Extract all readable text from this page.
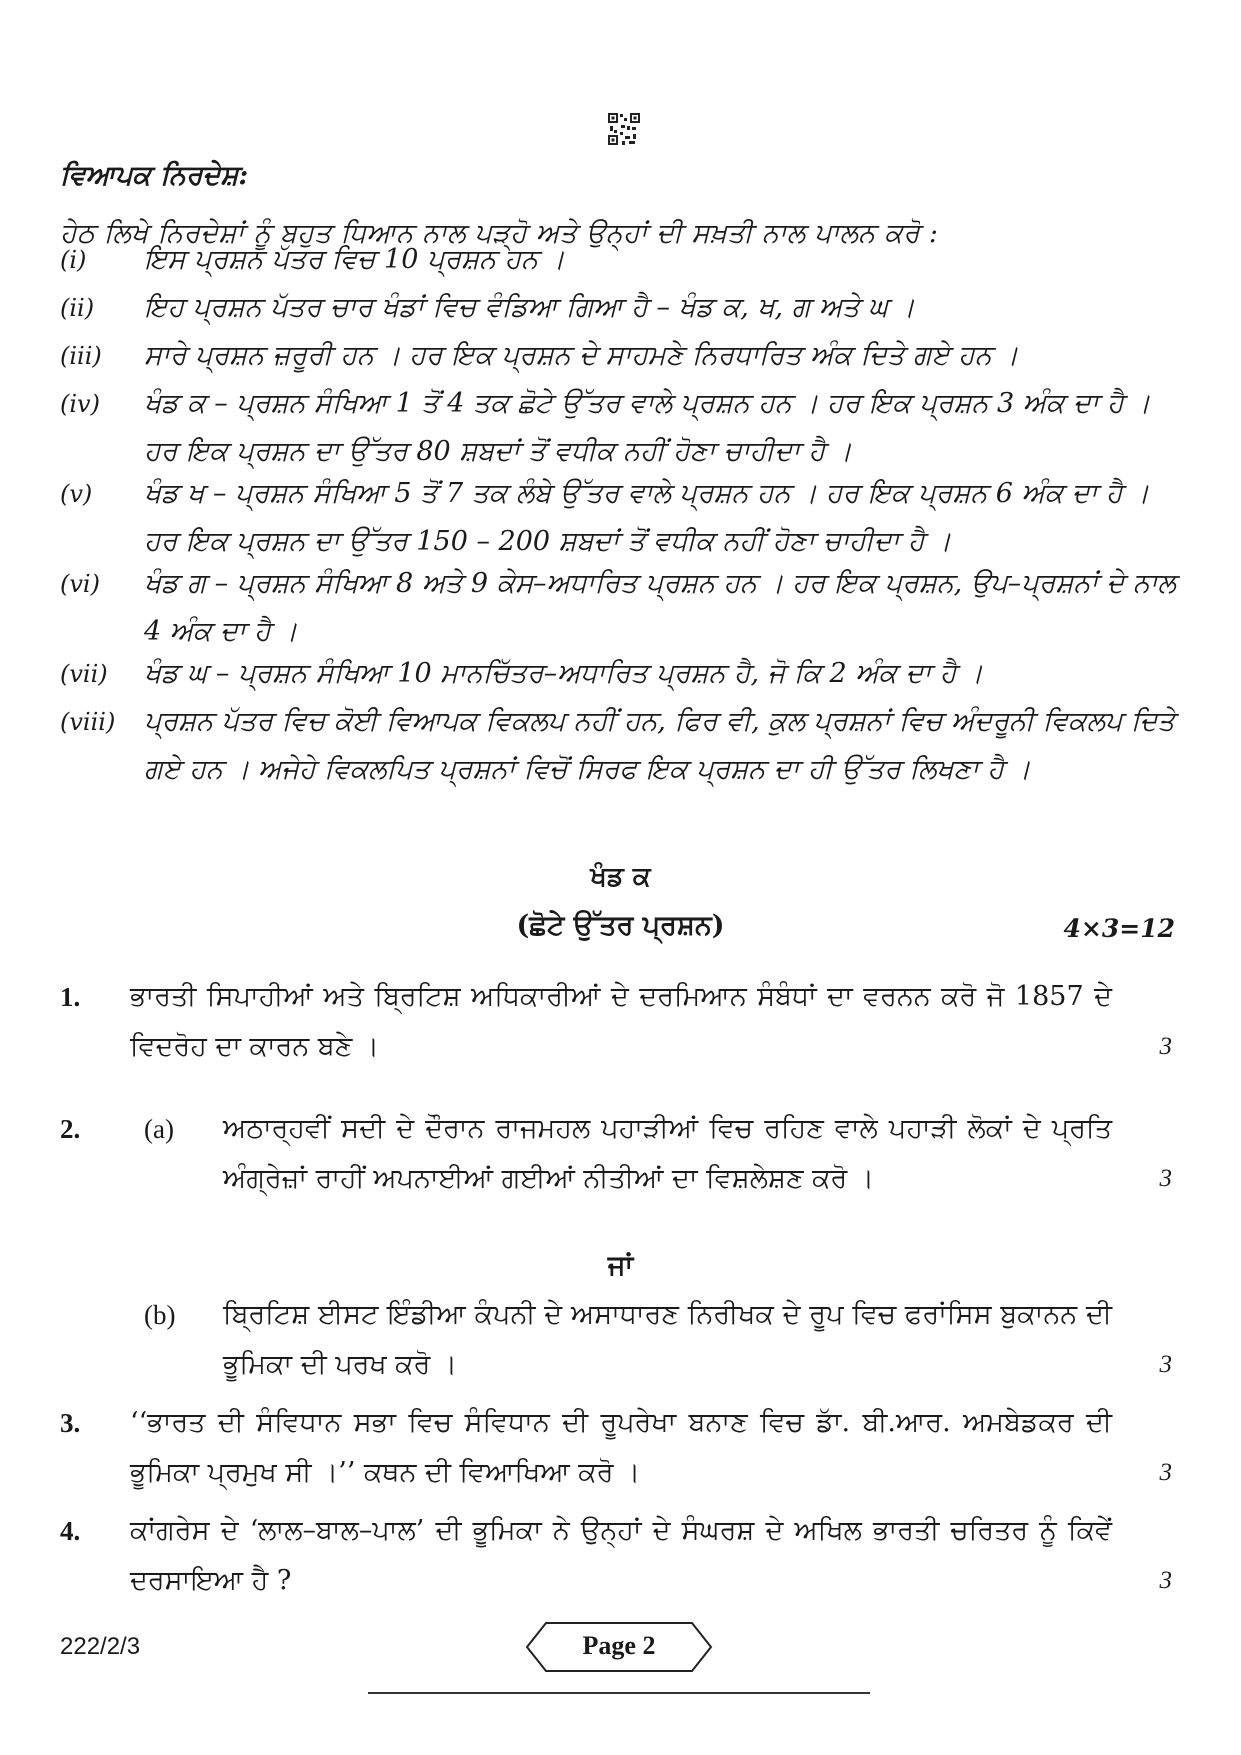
ਵਿਆਪਕ ਨਿਰਦੇਸ਼:
ਹੇਠ ਲਿਖੇ ਨਿਰਦੇਸ਼ਾਂ ਨੂੰ ਬਹੁਤ ਧਿਆਨ ਨਾਲ ਪੜ੍ਹੋ ਅਤੇ ਉਨ੍ਹਾਂ ਦੀ ਸਖ਼ਤੀ ਨਾਲ ਪਾਲਨ ਕਰੋ :
(i)	ਇਸ ਪ੍ਰਸ਼ਨ ਪੱਤਰ ਵਿਚ 10 ਪ੍ਰਸ਼ਨ ਹਨ ।
(ii)	ਇਹ ਪ੍ਰਸ਼ਨ ਪੱਤਰ ਚਾਰ ਖੰਡਾਂ ਵਿਚ ਵੰਡਿਆ ਗਿਆ ਹੈ – ਖੰਡ ਕ, ਖ, ਗ ਅਤੇ ਘ ।
(iii)	ਸਾਰੇ ਪ੍ਰਸ਼ਨ ਜ਼ਰੂਰੀ ਹਨ । ਹਰ ਇਕ ਪ੍ਰਸ਼ਨ ਦੇ ਸਾਹਮਣੇ ਨਿਰਧਾਰਿਤ ਅੰਕ ਦਿਤੇ ਗਏ ਹਨ ।
(iv)	ਖੰਡ ਕ – ਪ੍ਰਸ਼ਨ ਸੰਖਿਆ 1 ਤੋਂ 4 ਤਕ ਛੋਟੇ ਉੱਤਰ ਵਾਲੇ ਪ੍ਰਸ਼ਨ ਹਨ । ਹਰ ਇਕ ਪ੍ਰਸ਼ਨ 3 ਅੰਕ ਦਾ ਹੈ । ਹਰ ਇਕ ਪ੍ਰਸ਼ਨ ਦਾ ਉੱਤਰ 80 ਸ਼ਬਦਾਂ ਤੋਂ ਵਧੀਕ ਨਹੀਂ ਹੋਣਾ ਚਾਹੀਦਾ ਹੈ ।
(v)	ਖੰਡ ਖ – ਪ੍ਰਸ਼ਨ ਸੰਖਿਆ 5 ਤੋਂ 7 ਤਕ ਲੰਬੇ ਉੱਤਰ ਵਾਲੇ ਪ੍ਰਸ਼ਨ ਹਨ । ਹਰ ਇਕ ਪ੍ਰਸ਼ਨ 6 ਅੰਕ ਦਾ ਹੈ । ਹਰ ਇਕ ਪ੍ਰਸ਼ਨ ਦਾ ਉੱਤਰ 150 – 200 ਸ਼ਬਦਾਂ ਤੋਂ ਵਧੀਕ ਨਹੀਂ ਹੋਣਾ ਚਾਹੀਦਾ ਹੈ ।
(vi)	ਖੰਡ ਗ – ਪ੍ਰਸ਼ਨ ਸੰਖਿਆ 8 ਅਤੇ 9 ਕੇਸ–ਅਧਾਰਿਤ ਪ੍ਰਸ਼ਨ ਹਨ । ਹਰ ਇਕ ਪ੍ਰਸ਼ਨ, ਉਪ–ਪ੍ਰਸ਼ਨਾਂ ਦੇ ਨਾਲ 4 ਅੰਕ ਦਾ ਹੈ ।
(vii)	ਖੰਡ ਘ – ਪ੍ਰਸ਼ਨ ਸੰਖਿਆ 10 ਮਾਨਚਿੱਤਰ–ਅਧਾਰਿਤ ਪ੍ਰਸ਼ਨ ਹੈ, ਜੋ ਕਿ 2 ਅੰਕ ਦਾ ਹੈ ।
(viii)	ਪ੍ਰਸ਼ਨ ਪੱਤਰ ਵਿਚ ਕੋਈ ਵਿਆਪਕ ਵਿਕਲਪ ਨਹੀਂ ਹਨ, ਫਿਰ ਵੀ, ਕੁਲ ਪ੍ਰਸ਼ਨਾਂ ਵਿਚ ਅੰਦਰੂਨੀ ਵਿਕਲਪ ਦਿਤੇ ਗਏ ਹਨ । ਅਜੇਹੇ ਵਿਕਲਪਿਤ ਪ੍ਰਸ਼ਨਾਂ ਵਿਚੋਂ ਸਿਰਫ ਇਕ ਪ੍ਰਸ਼ਨ ਦਾ ਹੀ ਉੱਤਰ ਲਿਖਣਾ ਹੈ ।
ਖੰਡ ਕ
(ਛੋਟੇ ਉੱਤਰ ਪ੍ਰਸ਼ਨ)	4×3=12
1. ਭਾਰਤੀ ਸਿਪਾਹੀਆਂ ਅਤੇ ਬ੍ਰਿਟਿਸ਼ ਅਧਿਕਾਰੀਆਂ ਦੇ ਦਰਮਿਆਨ ਸੰਬੰਧਾਂ ਦਾ ਵਰਨਨ ਕਰੋ ਜੋ 1857 ਦੇ ਵਿਦਰੋਹ ਦਾ ਕਾਰਨ ਬਣੇ ।	3
2. (a) ਅਠਾਰ੍ਹਵੀਂ ਸਦੀ ਦੇ ਦੌਰਾਨ ਰਾਜਮਹਲ ਪਹਾੜੀਆਂ ਵਿਚ ਰਹਿਣ ਵਾਲੇ ਪਹਾੜੀ ਲੋਕਾਂ ਦੇ ਪ੍ਰਤਿ ਅੰਗ੍ਰੇਜ਼ਾਂ ਰਾਹੀਂ ਅਪਨਾਈਆਂ ਗਈਆਂ ਨੀਤੀਆਂ ਦਾ ਵਿਸ਼ਲੇਸ਼ਣ ਕਰੋ ।	3
ਜਾਂ
(b) ਬ੍ਰਿਟਿਸ਼ ਈਸਟ ਇੰਡੀਆ ਕੰਪਨੀ ਦੇ ਅਸਾਧਾਰਣ ਨਿਰੀਖਕ ਦੇ ਰੂਪ ਵਿਚ ਫਰਾਂਸਿਸ ਬੁਕਾਨਨ ਦੀ ਭੂਮਿਕਾ ਦੀ ਪਰਖ ਕਰੋ ।	3
3. ‘‘ਭਾਰਤ ਦੀ ਸੰਵਿਧਾਨ ਸਭਾ ਵਿਚ ਸੰਵਿਧਾਨ ਦੀ ਰੂਪਰੇਖਾ ਬਨਾਣ ਵਿਚ ਡਾੱ. ਬੀ.ਆਰ. ਅਮਬੇਡਕਰ ਦੀ ਭੂਮਿਕਾ ਪ੍ਰਮੁਖ ਸੀ ।’’ ਕਥਨ ਦੀ ਵਿਆਖਿਆ ਕਰੋ ।	3
4. ਕਾਂਗਰੇਸ ਦੇ ‘ਲਾਲ–ਬਾਲ–ਪਾਲ’ ਦੀ ਭੂਮਿਕਾ ਨੇ ਉਨ੍ਹਾਂ ਦੇ ਸੰਘਰਸ਼ ਦੇ ਅਖਿਲ ਭਾਰਤੀ ਚਰਿਤਰ ਨੂੰ ਕਿਵੇਂ ਦਰਸਾਇਆ ਹੈ ?	3
222/2/3	Page 2
